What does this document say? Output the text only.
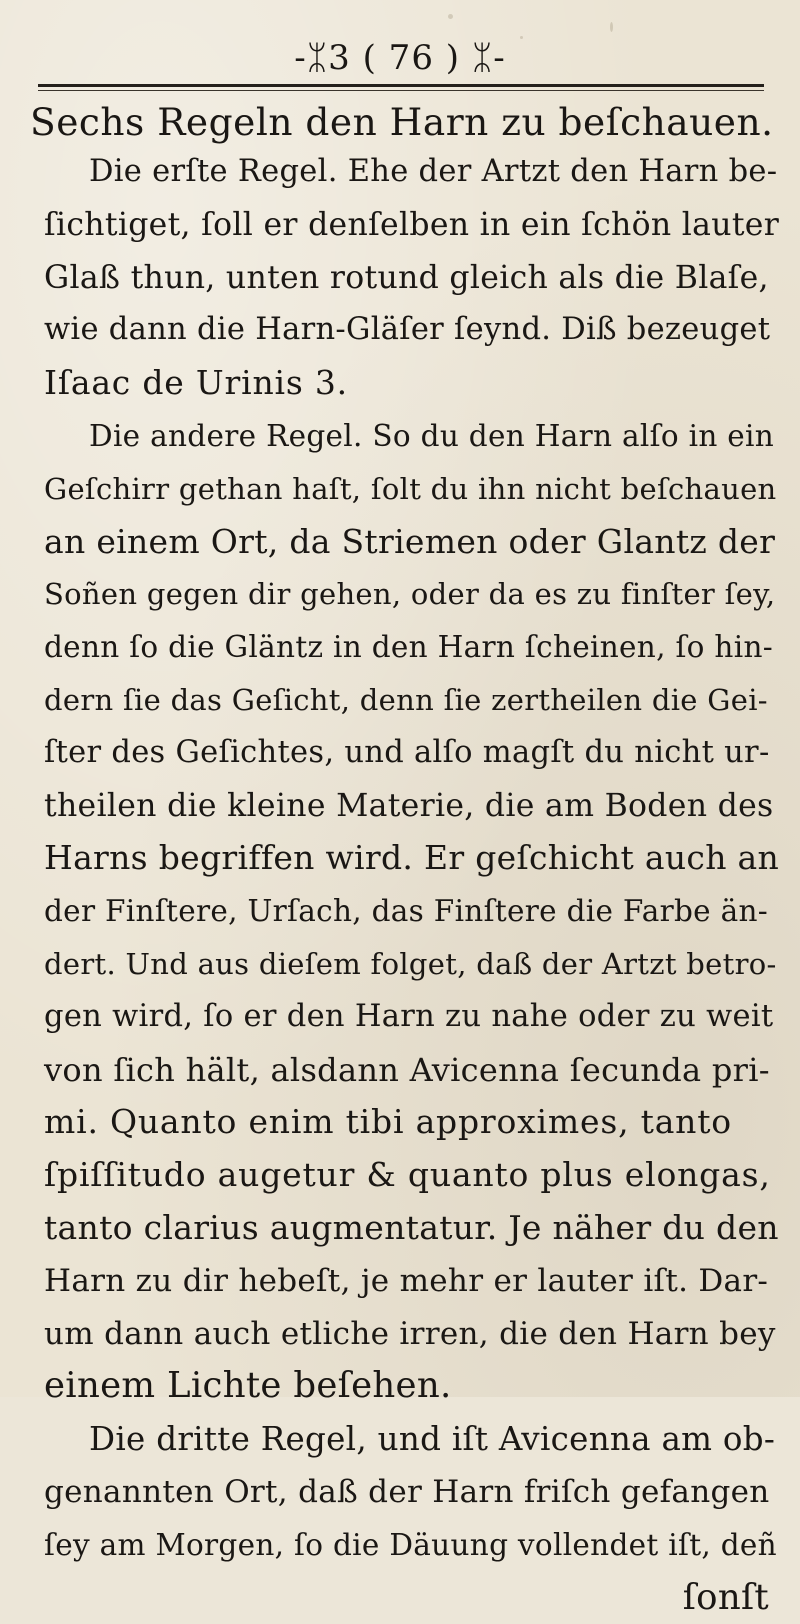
-ᛯ3 ( 76 ) ᛯ-
Sechs Regeln den Harn zu beſchauen.
Die erſte Regel. Ehe der Artzt den Harn be-
ſichtiget, ſoll er denſelben in ein ſchön lauter
Glaß thun, unten rotund gleich als die Blaſe,
wie dann die Harn-Gläſer ſeynd. Diß bezeuget
Iſaac de Urinis 3.
Die andere Regel. So du den Harn alſo in ein
Geſchirr gethan haſt, ſolt du ihn nicht beſchauen
an einem Ort, da Striemen oder Glantz der
Soñen gegen dir gehen, oder da es zu finſter ſey,
denn ſo die Gläntz in den Harn ſcheinen, ſo hin-
dern ſie das Geſicht, denn ſie zertheilen die Gei-
ſter des Geſichtes, und alſo magſt du nicht ur-
theilen die kleine Materie, die am Boden des
Harns begriffen wird. Er geſchicht auch an
der Finſtere, Urſach, das Finſtere die Farbe än-
dert. Und aus dieſem folget, daß der Artzt betro-
gen wird, ſo er den Harn zu nahe oder zu weit
von ſich hält, alsdann Avicenna ſecunda pri-
mi. Quanto enim tibi approximes, tanto
ſpiſſitudo augetur & quanto plus elongas,
tanto clarius augmentatur. Je näher du den
Harn zu dir hebeſt, je mehr er lauter iſt. Dar-
um dann auch etliche irren, die den Harn bey
einem Lichte beſehen.
Die dritte Regel, und iſt Avicenna am ob-
genannten Ort, daß der Harn friſch gefangen
ſey am Morgen, ſo die Däuung vollendet iſt, deñ
ſonſt
